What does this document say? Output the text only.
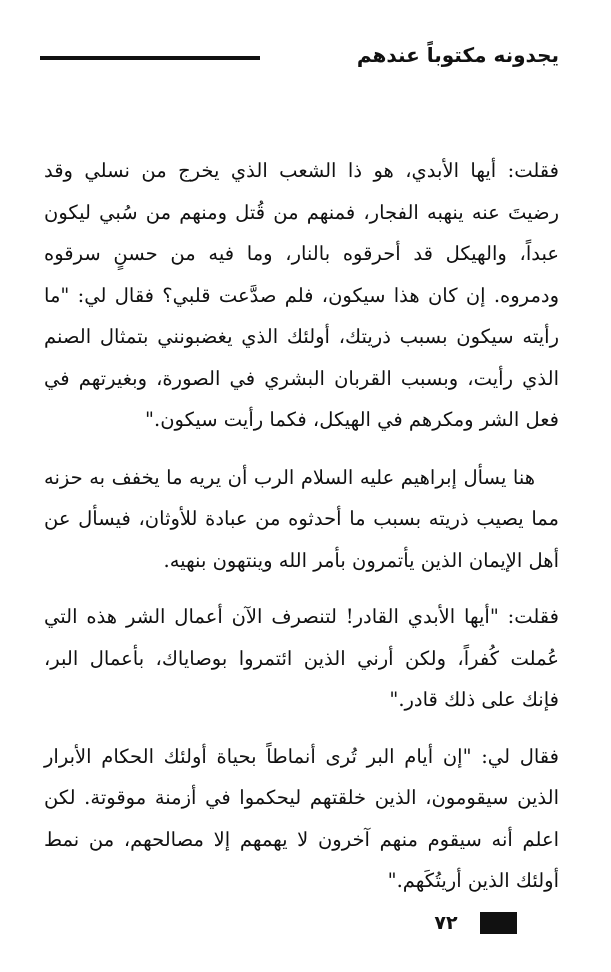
يجدونه مكتوباً عندهم

فقلت: أيها الأبدي، هو ذا الشعب الذي يخرج من نسلي وقد رضيتَ عنه ينهبه الفجار، فمنهم من قُتل ومنهم من سُبي ليكون عبداً، والهيكل قد أحرقوه بالنار، وما فيه من حسنٍ سرقوه ودمروه. إن كان هذا سيكون، فلم صدَّعت قلبي؟ فقال لي: "ما رأيته سيكون بسبب ذريتك، أولئك الذي يغضبونني بتمثال الصنم الذي رأيت، وبسبب القربان البشري في الصورة، وبغيرتهم في فعل الشر ومكرهم في الهيكل، فكما رأيت سيكون."

هنا يسأل إبراهيم عليه السلام الرب أن يريه ما يخفف به حزنه مما يصيب ذريته بسبب ما أحدثوه من عبادة للأوثان، فيسأل عن أهل الإيمان الذين يأتمرون بأمر الله وينتهون بنهيه.

فقلت: "أيها الأبدي القادر! لتنصرف الآن أعمال الشر هذه التي عُملت كُفراً، ولكن أرني الذين ائتمروا بوصاياك، بأعمال البر، فإنك على ذلك قادر."

فقال لي: "إن أيام البر تُرى أنماطاً بحياة أولئك الحكام الأبرار الذين سيقومون، الذين خلقتهم ليحكموا في أزمنة موقوتة. لكن اعلم أنه سيقوم منهم آخرون لا يهمهم إلا مصالحهم، من نمط أولئك الذين أريتُكَهم."

٧٢
